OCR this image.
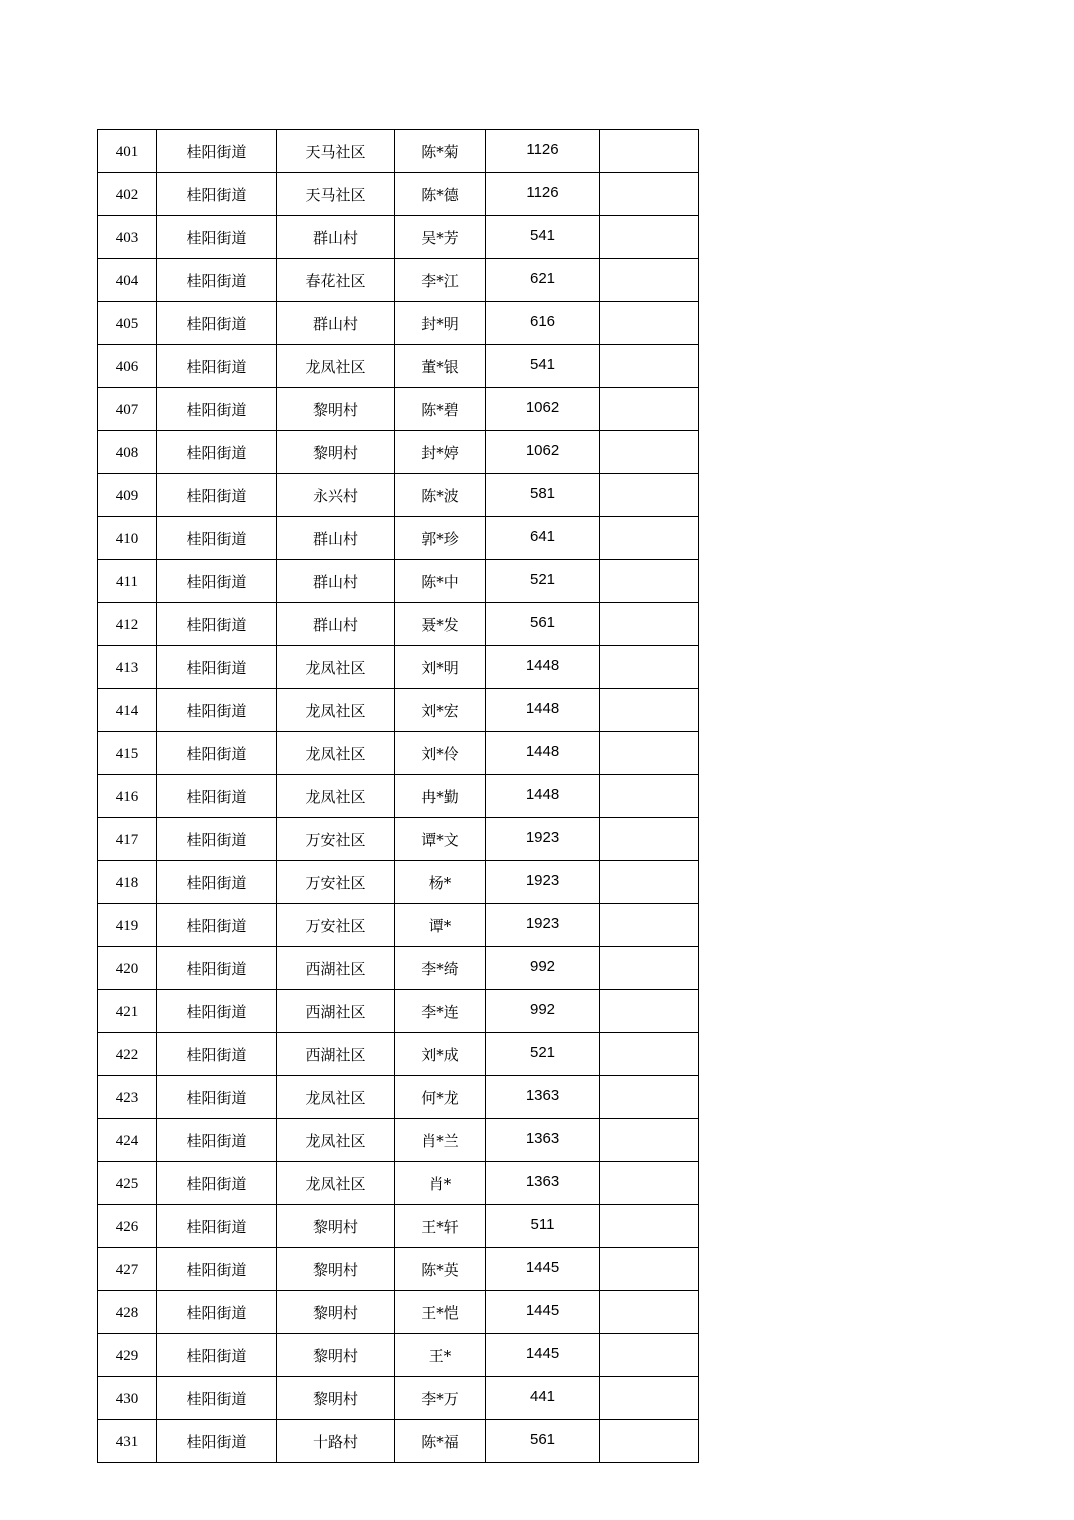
401	桂阳街道	天马社区	陈*菊	1126	
402	桂阳街道	天马社区	陈*德	1126	
403	桂阳街道	群山村	吴*芳	541	
404	桂阳街道	春花社区	李*江	621	
405	桂阳街道	群山村	封*明	616	
406	桂阳街道	龙凤社区	董*银	541	
407	桂阳街道	黎明村	陈*碧	1062	
408	桂阳街道	黎明村	封*婷	1062	
409	桂阳街道	永兴村	陈*波	581	
410	桂阳街道	群山村	郭*珍	641	
411	桂阳街道	群山村	陈*中	521	
412	桂阳街道	群山村	聂*发	561	
413	桂阳街道	龙凤社区	刘*明	1448	
414	桂阳街道	龙凤社区	刘*宏	1448	
415	桂阳街道	龙凤社区	刘*伶	1448	
416	桂阳街道	龙凤社区	冉*勤	1448	
417	桂阳街道	万安社区	谭*文	1923	
418	桂阳街道	万安社区	杨*	1923	
419	桂阳街道	万安社区	谭*	1923	
420	桂阳街道	西湖社区	李*绮	992	
421	桂阳街道	西湖社区	李*连	992	
422	桂阳街道	西湖社区	刘*成	521	
423	桂阳街道	龙凤社区	何*龙	1363	
424	桂阳街道	龙凤社区	肖*兰	1363	
425	桂阳街道	龙凤社区	肖*	1363	
426	桂阳街道	黎明村	王*轩	511	
427	桂阳街道	黎明村	陈*英	1445	
428	桂阳街道	黎明村	王*恺	1445	
429	桂阳街道	黎明村	王*	1445	
430	桂阳街道	黎明村	李*万	441	
431	桂阳街道	十路村	陈*福	561	
